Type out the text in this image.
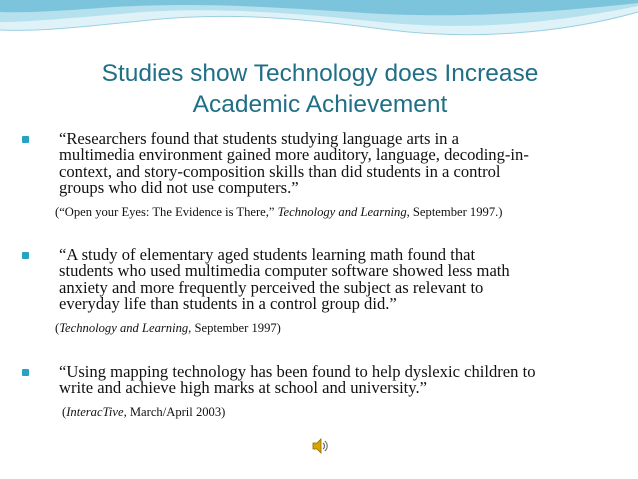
Studies show Technology does Increase
Academic Achievement
“Researchers found that students studying language arts in a
multimedia environment gained more auditory, language, decoding-in-
context, and story-composition skills than did students in a control
groups who did not use computers.”
(“Open your Eyes: The Evidence is There,” Technology and Learning, September 1997.)
“A study of elementary aged students learning math found that
students who used multimedia computer software showed less math
anxiety and more frequently perceived the subject as relevant to
everyday life than students in a control group did.”
(Technology and Learning, September 1997)
“Using mapping technology has been found to help dyslexic children to
write and achieve high marks at school and university.”
(InteracTive, March/April 2003)
